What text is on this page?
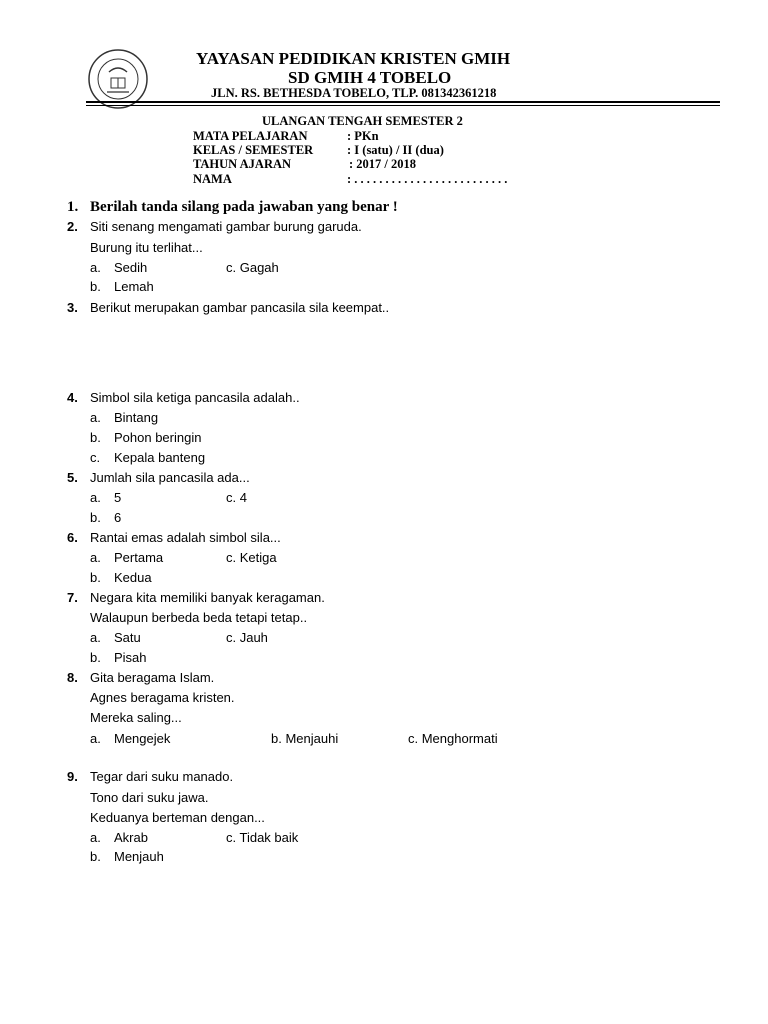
YAYASAN PEDIDIKAN KRISTEN GMIH
SD GMIH 4 TOBELO
JLN. RS. BETHESDA TOBELO, TLP. 081342361218
ULANGAN TENGAH SEMESTER 2
MATA PELAJARAN	: PKn
KELAS / SEMESTER	: I (satu) / II (dua)
TAHUN AJARAN	: 2017 / 2018
NAMA	: . . . . . . . . . . . . . . . . . . . . . . . . .
1. Berilah tanda silang pada jawaban yang benar !
2. Siti senang mengamati gambar burung garuda.
Burung itu terlihat...
a. Sedih	c. Gagah
b. Lemah
3. Berikut merupakan gambar pancasila sila keempat..
4. Simbol sila ketiga pancasila adalah..
a. Bintang
b. Pohon beringin
c. Kepala banteng
5. Jumlah sila pancasila ada...
a. 5	c. 4
b. 6
6. Rantai emas adalah simbol sila...
a. Pertama	c. Ketiga
b. Kedua
7. Negara kita memiliki banyak keragaman.
Walaupun berbeda beda tetapi tetap..
a. Satu	c. Jauh
b. Pisah
8. Gita beragama Islam.
Agnes beragama kristen.
Mereka saling...
a. Mengejek	b. Menjauhi	c. Menghormati
9. Tegar dari suku manado.
Tono dari suku jawa.
Keduanya berteman dengan...
a. Akrab	c. Tidak baik
b. Menjauh
